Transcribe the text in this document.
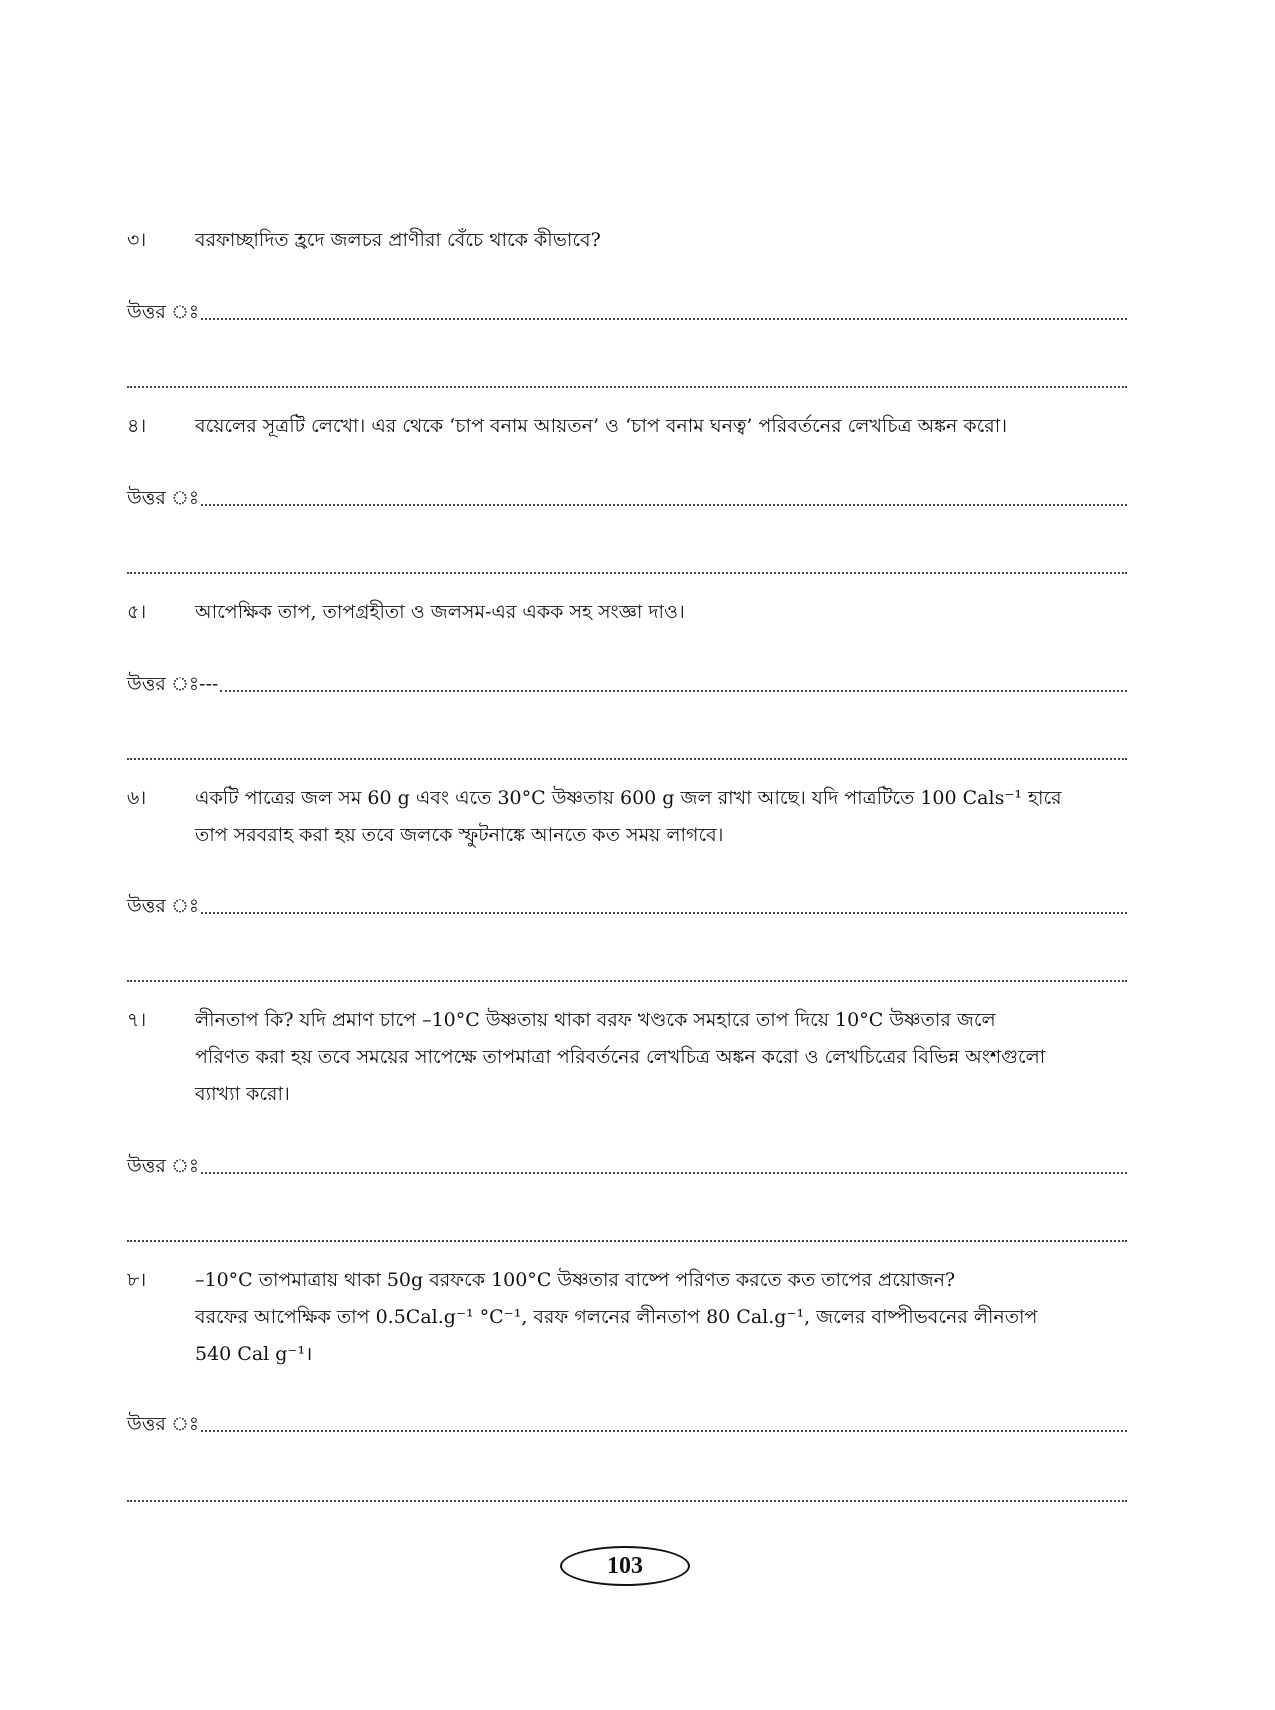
৩।	বরফাচ্ছাদিত হ্রদে জলচর প্রাণীরা বেঁচে থাকে কীভাবে?
উত্তর ঃ
৪।	বয়েলের সূত্রটি লেখো। এর থেকে ‘চাপ বনাম আয়তন’ ও ‘চাপ বনাম ঘনত্ব’ পরিবর্তনের লেখচিত্র অঙ্কন করো।
উত্তর ঃ
৫।	আপেক্ষিক তাপ, তাপগ্রহীতা ও জলসম-এর একক সহ সংজ্ঞা দাও।
উত্তর ঃ---
৬।	একটি পাত্রের জল সম 60 g এবং এতে 30°C উষ্ণতায় 600 g জল রাখা আছে। যদি পাত্রটিতে 100 Cals⁻¹ হারে
তাপ সরবরাহ করা হয় তবে জলকে স্ফুটনাঙ্কে আনতে কত সময় লাগবে।
উত্তর ঃ
৭।	লীনতাপ কি? যদি প্রমাণ চাপে –10°C উষ্ণতায় থাকা বরফ খণ্ডকে সমহারে তাপ দিয়ে 10°C উষ্ণতার জলে
পরিণত করা হয় তবে সময়ের সাপেক্ষে তাপমাত্রা পরিবর্তনের লেখচিত্র অঙ্কন করো ও লেখচিত্রের বিভিন্ন অংশগুলো
ব্যাখ্যা করো।
উত্তর ঃ
৮।	–10°C তাপমাত্রায় থাকা 50g বরফকে 100°C উষ্ণতার বাষ্পে পরিণত করতে কত তাপের প্রয়োজন?
বরফের আপেক্ষিক তাপ 0.5Cal.g⁻¹ °C⁻¹, বরফ গলনের লীনতাপ 80 Cal.g⁻¹, জলের বাষ্পীভবনের লীনতাপ
540 Cal g⁻¹।
উত্তর ঃ
103
